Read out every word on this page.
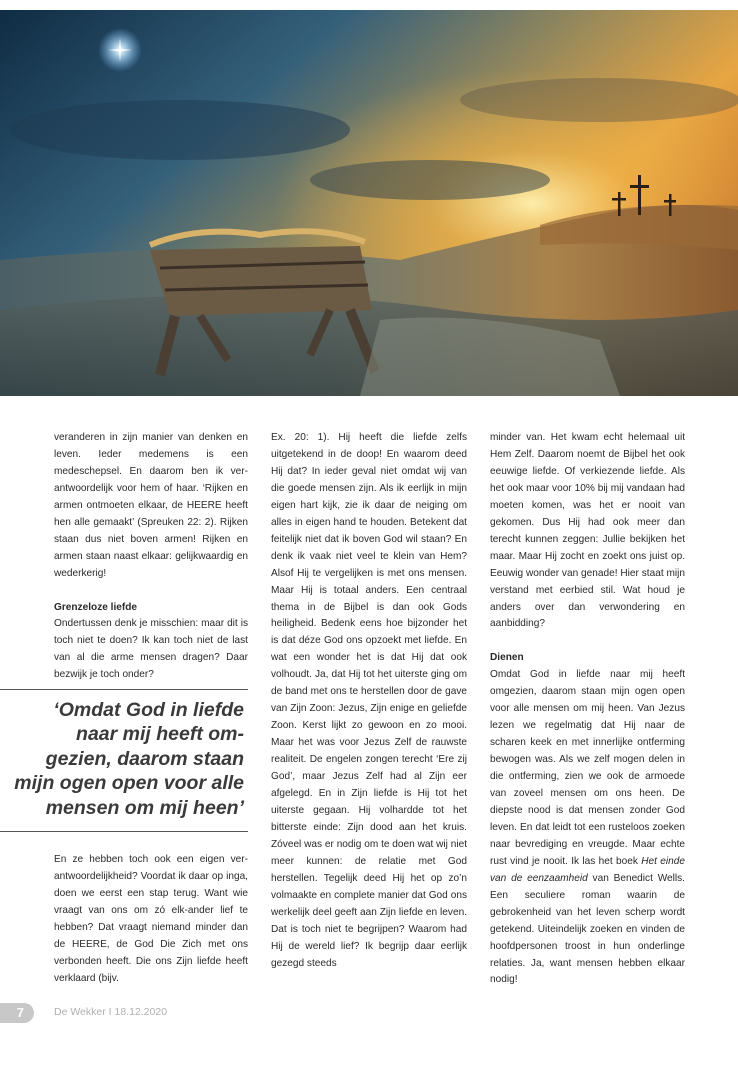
veranderen in zijn manier van denken en leven. Ieder medemens is een medeschepsel. En daarom ben ik ver-antwoordelijk voor hem of haar. ‘Rijken en armen ontmoeten elkaar, de HEERE heeft hen alle gemaakt’ (Spreuken 22: 2). Rijken staan dus niet boven armen! Rijken en armen staan naast elkaar: gelijkwaardig en wederkerig!

Grenzeloze liefde

Ondertussen denk je misschien: maar dit is toch niet te doen? Ik kan toch niet de last van al die arme mensen dragen? Daar bezwijk je toch onder?

‘Omdat God in liefde
naar mij heeft om-
gezien, daarom staan
mijn ogen open voor alle
mensen om mij heen’

En ze hebben toch ook een eigen ver-antwoordelijkheid? Voordat ik daar op inga, doen we eerst een stap terug. Want wie vraagt van ons om zó elk-ander lief te hebben? Dat vraagt niemand minder dan de HEERE, de God Die Zich met ons verbonden heeft. Die ons Zijn liefde heeft verklaard (bijv.

Ex. 20: 1). Hij heeft die liefde zelfs uitgetekend in de doop! En waarom deed Hij dat? In ieder geval niet omdat wij van die goede mensen zijn. Als ik eerlijk in mijn eigen hart kijk, zie ik daar de neiging om alles in eigen hand te houden. Betekent dat feitelijk niet dat ik boven God wil staan? En denk ik vaak niet veel te klein van Hem? Alsof Hij te vergelijken is met ons mensen. Maar Hij is totaal anders. Een centraal thema in de Bijbel is dan ook Gods heiligheid. Bedenk eens hoe bijzonder het is dat déze God ons opzoekt met liefde. En wat een wonder het is dat Hij dat ook volhoudt. Ja, dat Hij tot het uiterste ging om de band met ons te herstellen door de gave van Zijn Zoon: Jezus, Zijn enige en geliefde Zoon. Kerst lijkt zo gewoon en zo mooi. Maar het was voor Jezus Zelf de rauwste realiteit. De engelen zongen terecht ‘Ere zij God’, maar Jezus Zelf had al Zijn eer afgelegd. En in Zijn liefde is Hij tot het uiterste gegaan. Hij volhardde tot het bitterste einde: Zijn dood aan het kruis. Zóveel was er nodig om te doen wat wij niet meer kunnen: de relatie met God herstellen. Tegelijk deed Hij het op zo’n volmaakte en complete manier dat God ons werkelijk deel geeft aan Zijn liefde en leven. Dat is toch niet te begrijpen? Waarom had Hij de wereld lief? Ik begrijp daar eerlijk gezegd steeds

minder van. Het kwam echt helemaal uit Hem Zelf. Daarom noemt de Bijbel het ook eeuwige liefde. Of verkiezende liefde. Als het ook maar voor 10% bij mij vandaan had moeten komen, was het er nooit van gekomen. Dus Hij had ook meer dan terecht kunnen zeggen: Jullie bekijken het maar. Maar Hij zocht en zoekt ons juist op. Eeuwig wonder van genade! Hier staat mijn verstand met eerbied stil. Wat houd je anders over dan verwondering en aanbidding?

Dienen

Omdat God in liefde naar mij heeft omgezien, daarom staan mijn ogen open voor alle mensen om mij heen. Van Jezus lezen we regelmatig dat Hij naar de scharen keek en met innerlijke ontferming bewogen was. Als we zelf mogen delen in die ontferming, zien we ook de armoede van zoveel mensen om ons heen. De diepste nood is dat mensen zonder God leven. En dat leidt tot een rusteloos zoeken naar bevrediging en vreugde. Maar echte rust vind je nooit. Ik las het boek Het einde van de eenzaamheid van Benedict Wells. Een seculiere roman waarin de gebrokenheid van het leven scherp wordt getekend. Uiteindelijk zoeken en vinden de hoofdpersonen troost in hun onderlinge relaties. Ja, want mensen hebben elkaar nodig!

7	De Wekker I 18.12.2020
